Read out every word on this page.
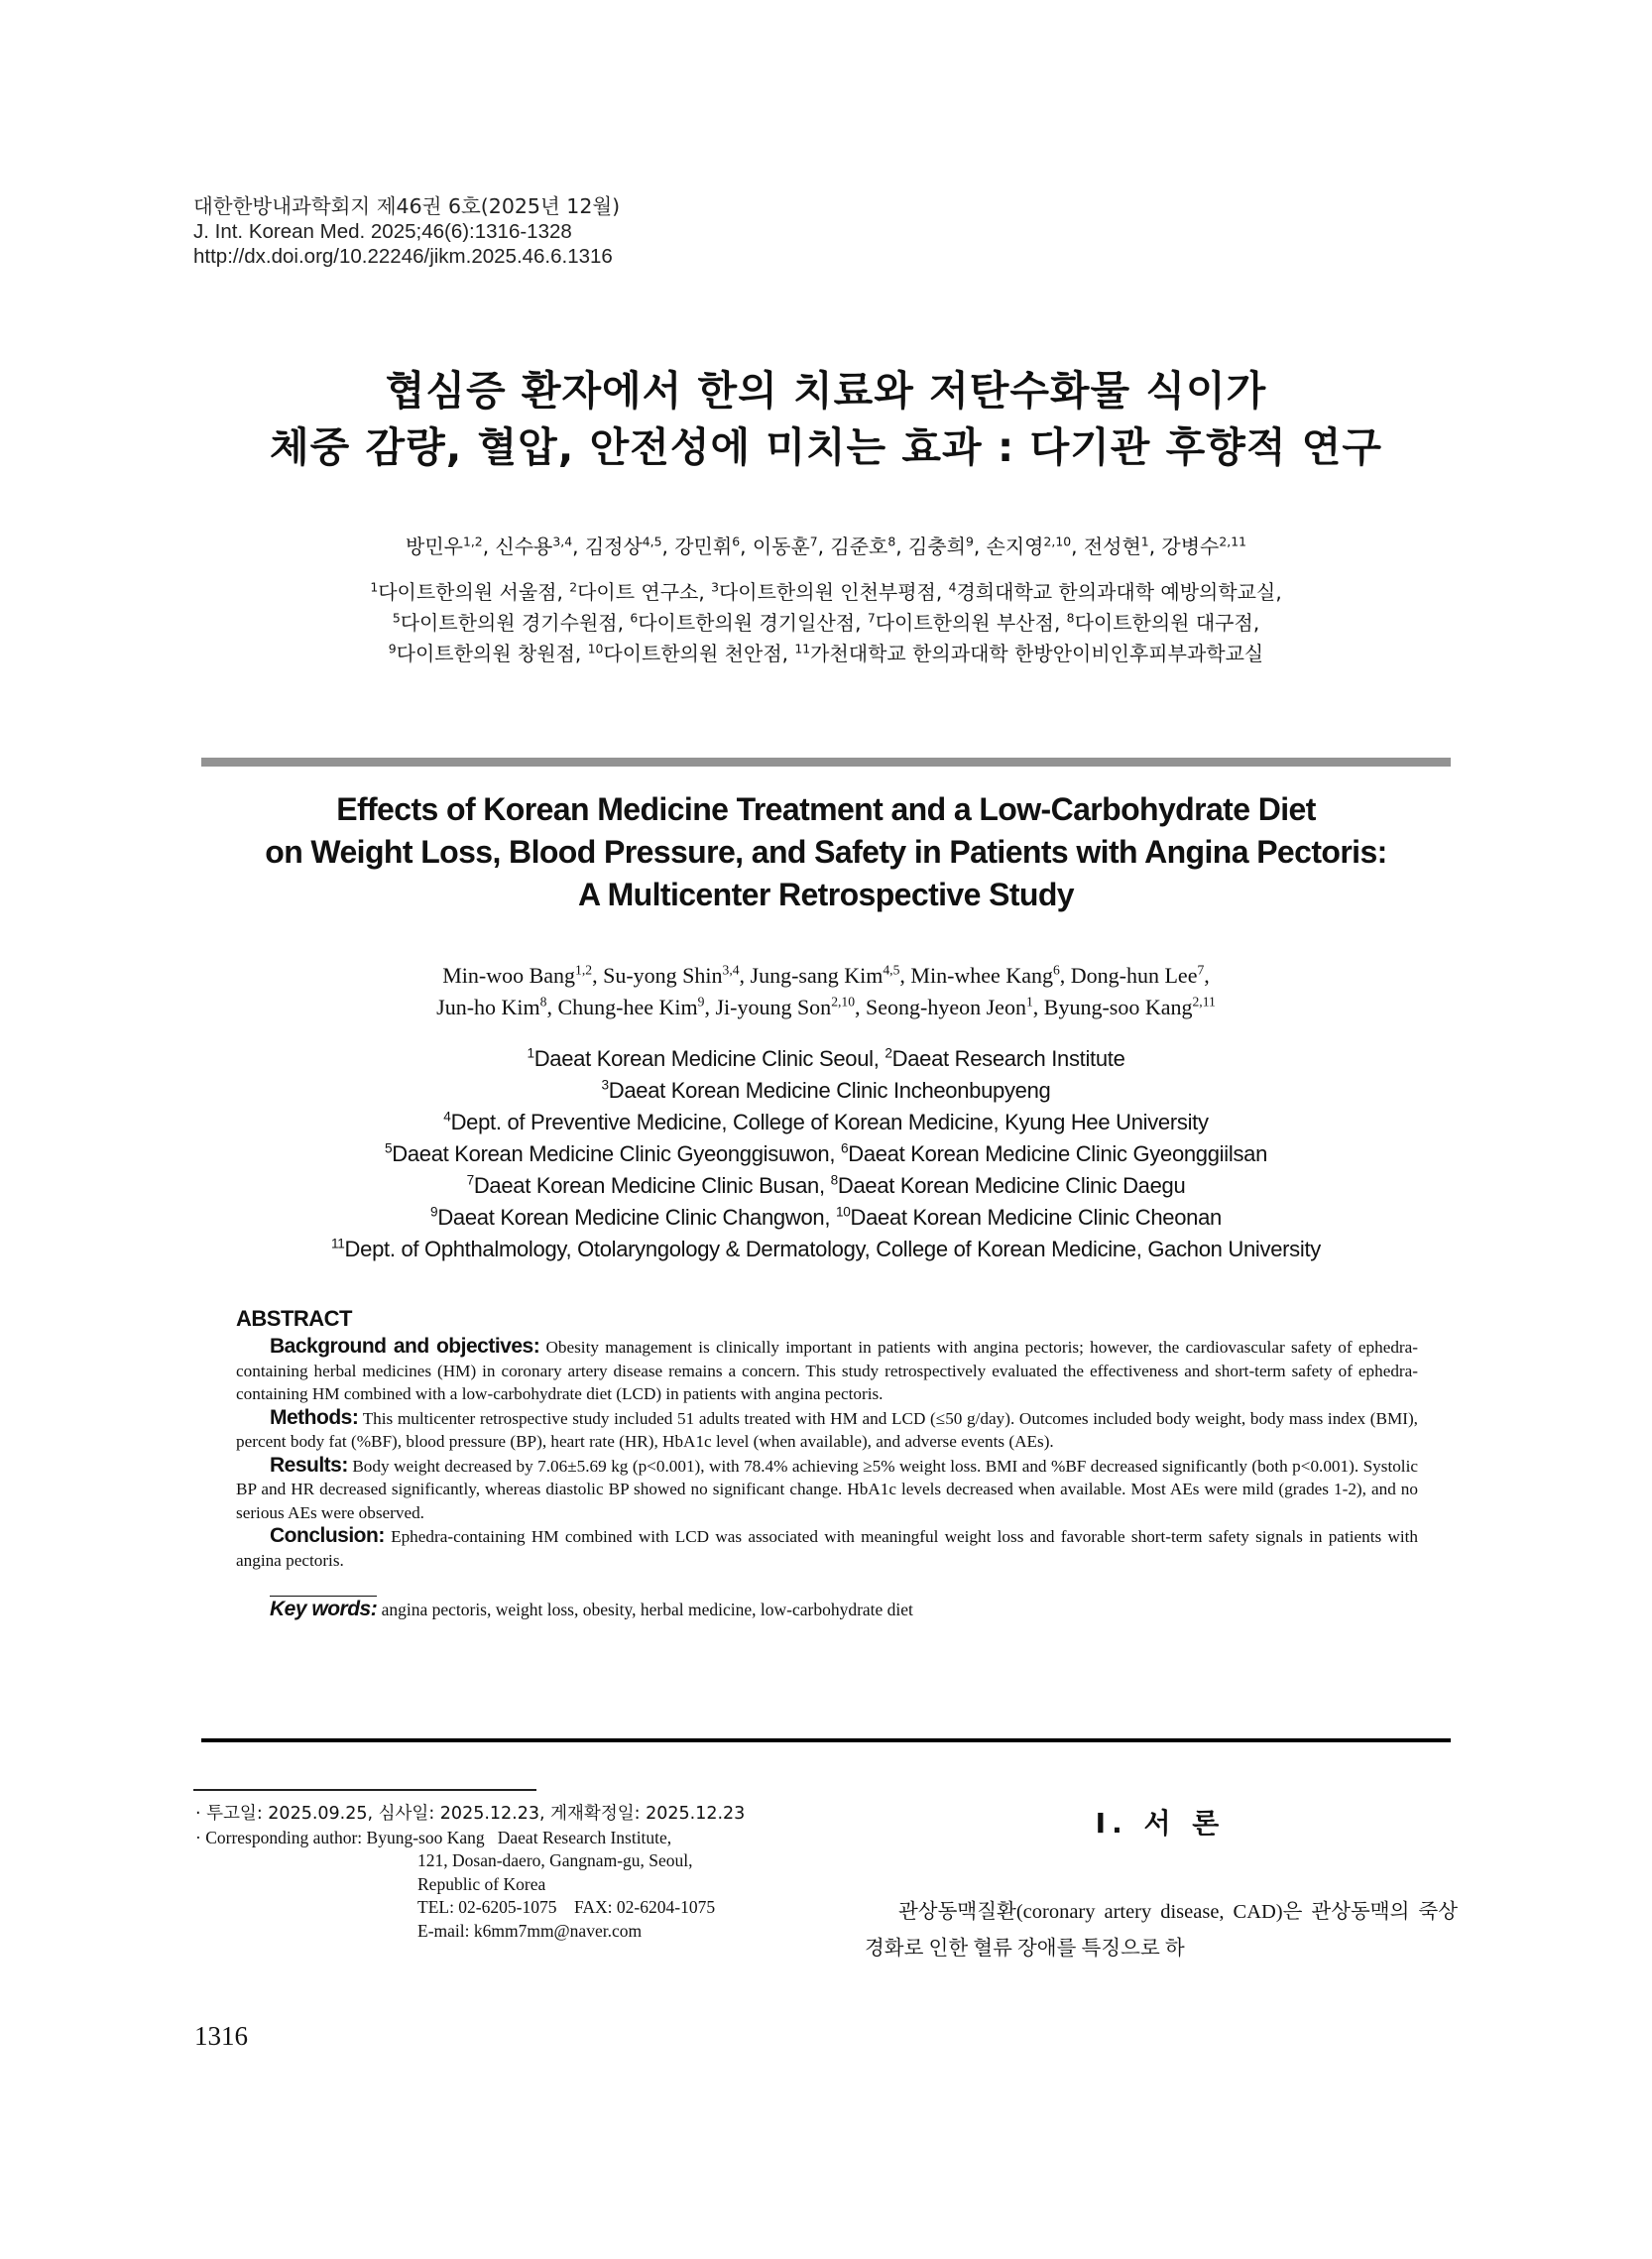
대한한방내과학회지 제46권 6호(2025년 12월)
J. Int. Korean Med. 2025;46(6):1316-1328
http://dx.doi.org/10.22246/jikm.2025.46.6.1316
협심증 환자에서 한의 치료와 저탄수화물 식이가
체중 감량, 혈압, 안전성에 미치는 효과 : 다기관 후향적 연구
방민우$^{1,2}$, 신수용$^{3,4}$, 김정상$^{4,5}$, 강민휘$^6$, 이동훈$^7$, 김준호$^8$, 김충희$^9$, 손지영$^{2,10}$, 전성현$^1$, 강병수$^{2,11}$
$^1$다이트한의원 서울점, $^2$다이트 연구소, $^3$다이트한의원 인천부평점, $^4$경희대학교 한의과대학 예방의학교실,
$^5$다이트한의원 경기수원점, $^6$다이트한의원 경기일산점, $^7$다이트한의원 부산점, $^8$다이트한의원 대구점,
$^9$다이트한의원 창원점, $^{10}$다이트한의원 천안점, $^{11}$가천대학교 한의과대학 한방안이비인후피부과학교실
Effects of Korean Medicine Treatment and a Low-Carbohydrate Diet
on Weight Loss, Blood Pressure, and Safety in Patients with Angina Pectoris:
A Multicenter Retrospective Study
Min-woo Bang$^{1,2}$, Su-yong Shin$^{3,4}$, Jung-sang Kim$^{4,5}$, Min-whee Kang$^6$, Dong-hun Lee$^7$,
Jun-ho Kim$^8$, Chung-hee Kim$^9$, Ji-young Son$^{2,10}$, Seong-hyeon Jeon$^1$, Byung-soo Kang$^{2,11}$
$^1$Daeat Korean Medicine Clinic Seoul, $^2$Daeat Research Institute
$^3$Daeat Korean Medicine Clinic Incheonbupyeng
$^4$Dept. of Preventive Medicine, College of Korean Medicine, Kyung Hee University
$^5$Daeat Korean Medicine Clinic Gyeonggisuwon, $^6$Daeat Korean Medicine Clinic Gyeonggiilsan
$^7$Daeat Korean Medicine Clinic Busan, $^8$Daeat Korean Medicine Clinic Daegu
$^9$Daeat Korean Medicine Clinic Changwon, $^{10}$Daeat Korean Medicine Clinic Cheonan
$^{11}$Dept. of Ophthalmology, Otolaryngology & Dermatology, College of Korean Medicine, Gachon University
ABSTRACT

Background and objectives: Obesity management is clinically important in patients with angina pectoris; however, the cardiovascular safety of ephedra-containing herbal medicines (HM) in coronary artery disease remains a concern. This study retrospectively evaluated the effectiveness and short-term safety of ephedra-containing HM combined with a low-carbohydrate diet (LCD) in patients with angina pectoris.

Methods: This multicenter retrospective study included 51 adults treated with HM and LCD (≤50 g/day). Outcomes included body weight, body mass index (BMI), percent body fat (%BF), blood pressure (BP), heart rate (HR), HbA1c level (when available), and adverse events (AEs).

Results: Body weight decreased by 7.06±5.69 kg (p<0.001), with 78.4% achieving ≥5% weight loss. BMI and %BF decreased significantly (both p<0.001). Systolic BP and HR decreased significantly, whereas diastolic BP showed no significant change. HbA1c levels decreased when available. Most AEs were mild (grades 1-2), and no serious AEs were observed.

Conclusion: Ephedra-containing HM combined with LCD was associated with meaningful weight loss and favorable short-term safety signals in patients with angina pectoris.

Key words: angina pectoris, weight loss, obesity, herbal medicine, low-carbohydrate diet
· 투고일: 2025.09.25, 심사일: 2025.12.23, 게재확정일: 2025.12.23
· Corresponding author: Byung-soo Kang   Daeat Research Institute,
121, Dosan-daero, Gangnam-gu, Seoul,
Republic of Korea
TEL: 02-6205-1075    FAX: 02-6204-1075
E-mail: k6mm7mm@naver.com
Ⅰ. 서 론
관상동맥질환(coronary artery disease, CAD)은 관상동맥의 죽상경화로 인한 혈류 장애를 특징으로 하
1316
